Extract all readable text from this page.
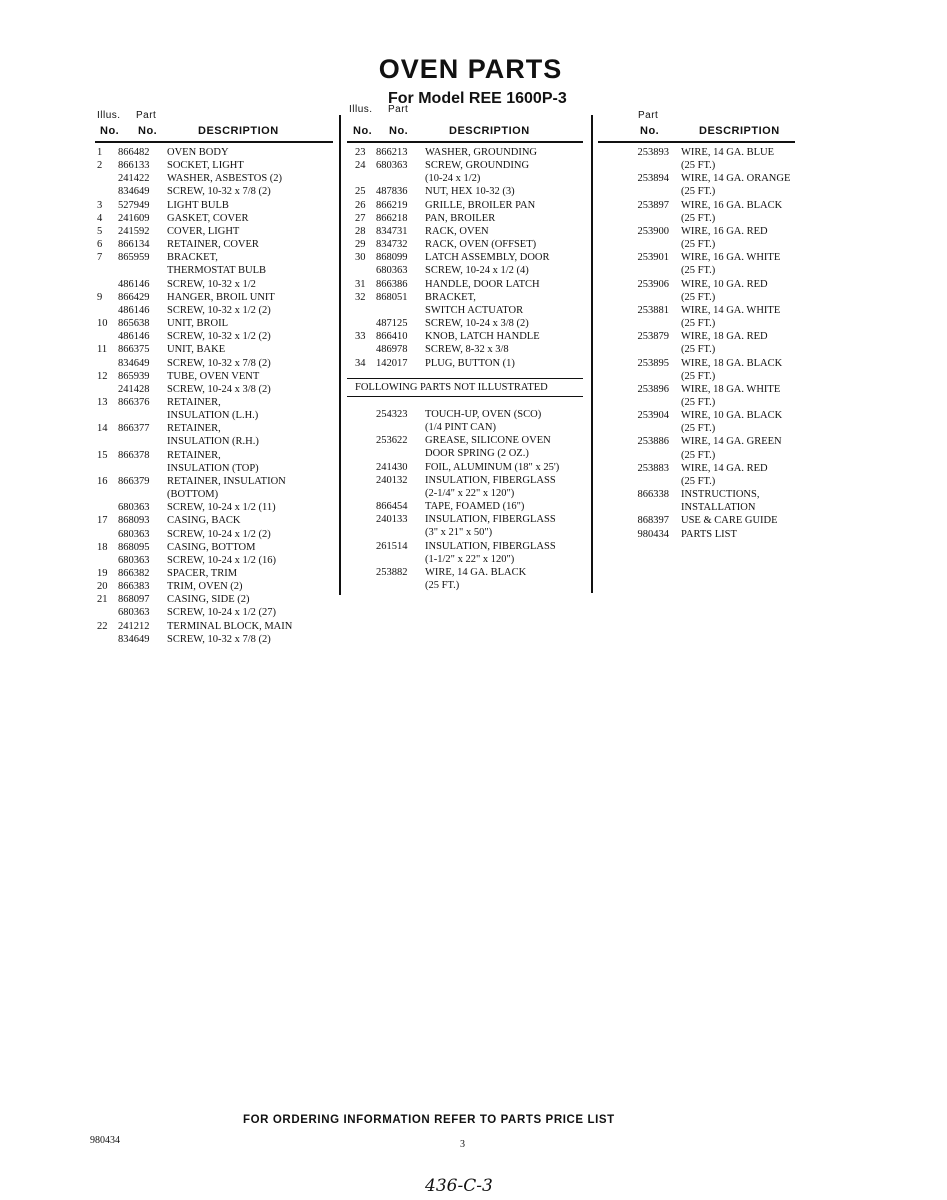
OVEN PARTS
For Model REE 1600P-3
Illus. Part
No. No.	DESCRIPTION
Illus. Part
No. No.	DESCRIPTION
Part
No.	DESCRIPTION
1 866482 OVEN BODY
2 866133 SOCKET, LIGHT
241422 WASHER, ASBESTOS (2)
834649 SCREW, 10-32 x 7/8 (2)
3 527949 LIGHT BULB
4 241609 GASKET, COVER
5 241592 COVER, LIGHT
6 866134 RETAINER, COVER
7 865959 BRACKET,
THERMOSTAT BULB
486146 SCREW, 10-32 x 1/2
9 866429 HANGER, BROIL UNIT
486146 SCREW, 10-32 x 1/2 (2)
10 865638 UNIT, BROIL
486146 SCREW, 10-32 x 1/2 (2)
11 866375 UNIT, BAKE
834649 SCREW, 10-32 x 7/8 (2)
12 865939 TUBE, OVEN VENT
241428 SCREW, 10-24 x 3/8 (2)
13 866376 RETAINER,
INSULATION (L.H.)
14 866377 RETAINER,
INSULATION (R.H.)
15 866378 RETAINER,
INSULATION (TOP)
16 866379 RETAINER, INSULATION
(BOTTOM)
680363 SCREW, 10-24 x 1/2 (11)
17 868093 CASING, BACK
680363 SCREW, 10-24 x 1/2 (2)
18 868095 CASING, BOTTOM
680363 SCREW, 10-24 x 1/2 (16)
19 866382 SPACER, TRIM
20 866383 TRIM, OVEN (2)
21 868097 CASING, SIDE (2)
680363 SCREW, 10-24 x 1/2 (27)
22 241212 TERMINAL BLOCK, MAIN
834649 SCREW, 10-32 x 7/8 (2)
23 866213 WASHER, GROUNDING
24 680363 SCREW, GROUNDING
(10-24 x 1/2)
25 487836 NUT, HEX 10-32 (3)
26 866219 GRILLE, BROILER PAN
27 866218 PAN, BROILER
28 834731 RACK, OVEN
29 834732 RACK, OVEN (OFFSET)
30 868099 LATCH ASSEMBLY, DOOR
680363 SCREW, 10-24 x 1/2 (4)
31 866386 HANDLE, DOOR LATCH
32 868051 BRACKET,
SWITCH ACTUATOR
487125 SCREW, 10-24 x 3/8 (2)
33 866410 KNOB, LATCH HANDLE
486978 SCREW, 8-32 x 3/8
34 142017 PLUG, BUTTON (1)
FOLLOWING PARTS NOT ILLUSTRATED
254323 TOUCH-UP, OVEN (SCO)
(1/4 PINT CAN)
253622 GREASE, SILICONE OVEN
DOOR SPRING (2 OZ.)
241430 FOIL, ALUMINUM (18" x 25')
240132 INSULATION, FIBERGLASS
(2-1/4" x 22" x 120")
866454 TAPE, FOAMED (16")
240133 INSULATION, FIBERGLASS
(3" x 21" x 50")
261514 INSULATION, FIBERGLASS
(1-1/2" x 22" x 120")
253882 WIRE, 14 GA. BLACK
(25 FT.)
253893 WIRE, 14 GA. BLUE
(25 FT.)
253894 WIRE, 14 GA. ORANGE
(25 FT.)
253897 WIRE, 16 GA. BLACK
(25 FT.)
253900 WIRE, 16 GA. RED
(25 FT.)
253901 WIRE, 16 GA. WHITE
(25 FT.)
253906 WIRE, 10 GA. RED
(25 FT.)
253881 WIRE, 14 GA. WHITE
(25 FT.)
253879 WIRE, 18 GA. RED
(25 FT.)
253895 WIRE, 18 GA. BLACK
(25 FT.)
253896 WIRE, 18 GA. WHITE
(25 FT.)
253904 WIRE, 10 GA. BLACK
(25 FT.)
253886 WIRE, 14 GA. GREEN
(25 FT.)
253883 WIRE, 14 GA. RED
(25 FT.)
866338 INSTRUCTIONS,
INSTALLATION
868397 USE & CARE GUIDE
980434 PARTS LIST
FOR ORDERING INFORMATION REFER TO PARTS PRICE LIST
980434	3
436-C-3
